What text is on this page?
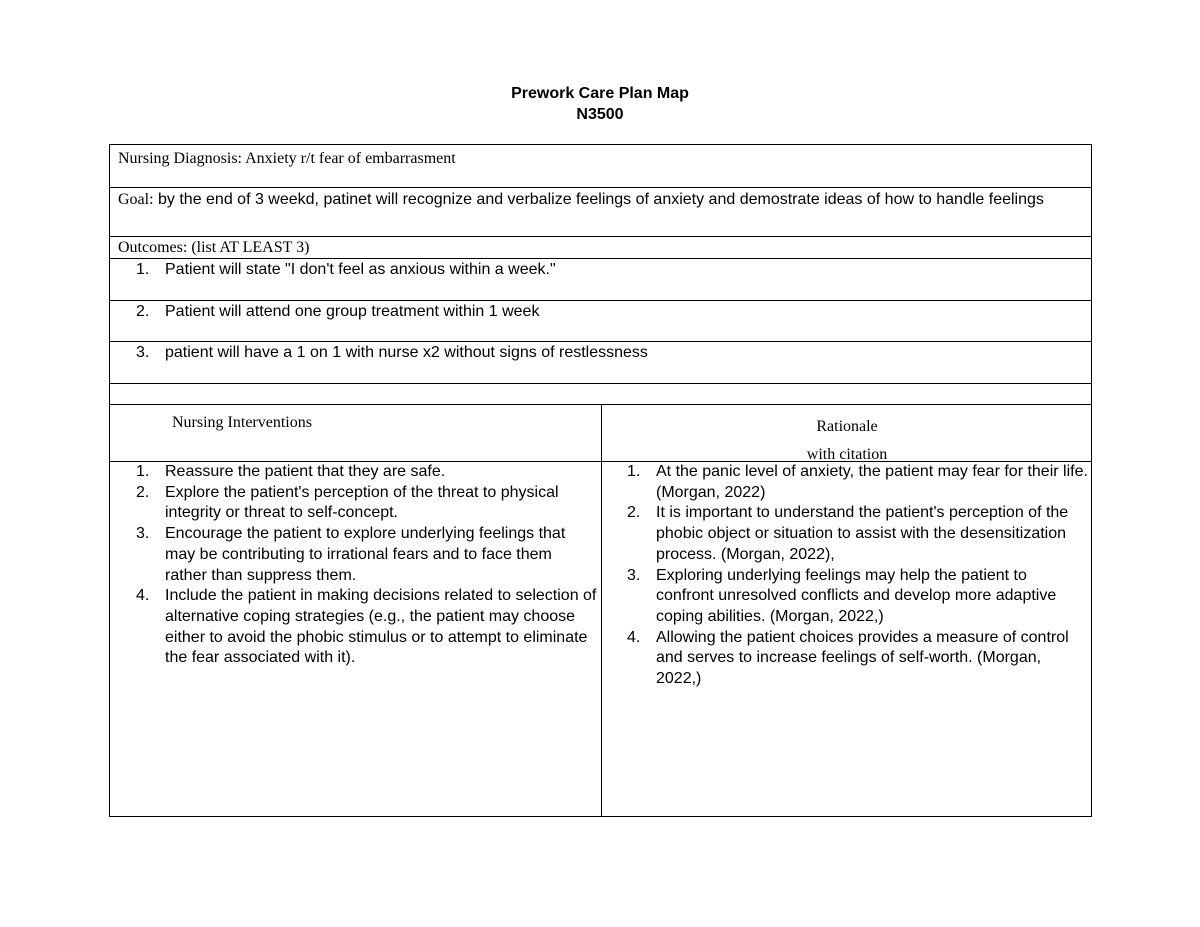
Prework Care Plan Map
N3500
Nursing Diagnosis: Anxiety r/t fear of embarrasment
Goal: by the end of 3 weekd, patinet will recognize and verbalize feelings of anxiety and demostrate ideas of how to handle feelings
Outcomes: (list AT LEAST 3)
1. Patient will state "I don't feel as anxious within a week."
2. Patient will attend one group treatment within 1 week
3. patient will have a 1 on 1 with nurse x2 without signs of restlessness
Nursing Interventions	Rationale
with citation
1. Reassure the patient that they are safe.
2. Explore the patient's perception of the threat to physical integrity or threat to self-concept.
3. Encourage the patient to explore underlying feelings that may be contributing to irrational fears and to face them rather than suppress them.
4. Include the patient in making decisions related to selection of alternative coping strategies (e.g., the patient may choose either to avoid the phobic stimulus or to attempt to eliminate the fear associated with it).
1. At the panic level of anxiety, the patient may fear for their life. (Morgan, 2022)
2. It is important to understand the patient's perception of the phobic object or situation to assist with the desensitization process. (Morgan, 2022),
3. Exploring underlying feelings may help the patient to confront unresolved conflicts and develop more adaptive coping abilities. (Morgan, 2022,)
4. Allowing the patient choices provides a measure of control and serves to increase feelings of self-worth. (Morgan, 2022,)
